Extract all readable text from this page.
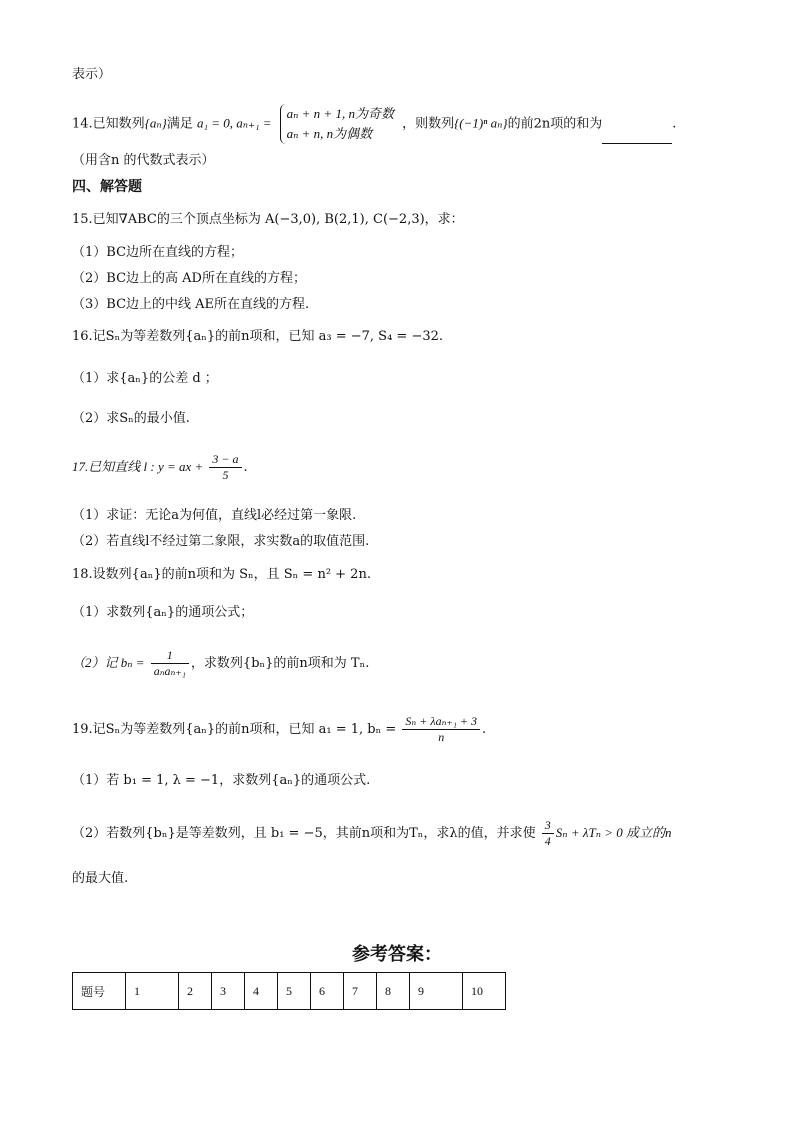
表示）
14.已知数列{aₙ}满足 a₁ = 0, aₙ₊₁ =
aₙ + n + 1, n为奇数
aₙ + n, n为偶数
，则数列{(−1)ⁿ aₙ}的前2n项的和为	.
（用含n 的代数式表示）
四、解答题
15.已知∇ABC的三个顶点坐标为 A(−3,0), B(2,1), C(−2,3)，求：
（1）BC边所在直线的方程；
（2）BC边上的高 AD所在直线的方程；
（3）BC边上的中线 AE所在直线的方程.
16.记Sₙ为等差数列{aₙ}的前n项和，已知 a₃ = −7, S₄ = −32.
（1）求{aₙ}的公差 d ；
（2）求Sₙ的最小值.
17.已知直线 l : y = ax + $\frac{3 - a}{5}$ .
（1）求证：无论a为何值，直线l必经过第一象限.
（2）若直线l不经过第二象限，求实数a的取值范围.
18.设数列{aₙ}的前n项和为 Sₙ，且 Sₙ = n² + 2n.
（1）求数列{aₙ}的通项公式；
（2）记 $b_n = \frac{1}{\text{aₙaₙ₊₁}}$ ，求数列{bₙ}的前n项和为 Tₙ.
19.记Sₙ为等差数列{aₙ}的前n项和，已知 a₁ = 1, $b_n = \frac{\text{Sₙ + λaₙ₊₁ + 3}}{n}$ .
（1）若 b₁ = 1, λ = −1，求数列{aₙ}的通项公式.
（2）若数列{bₙ}是等差数列，且 b₁ = −5，其前n项和为Tₙ，求λ的值，并求使 $\frac{3}{4}$ Sₙ + λTₙ > 0 成立的n
的最大值.
参考答案：
题号	1	2	3	4	5	6	7	8	9	10
